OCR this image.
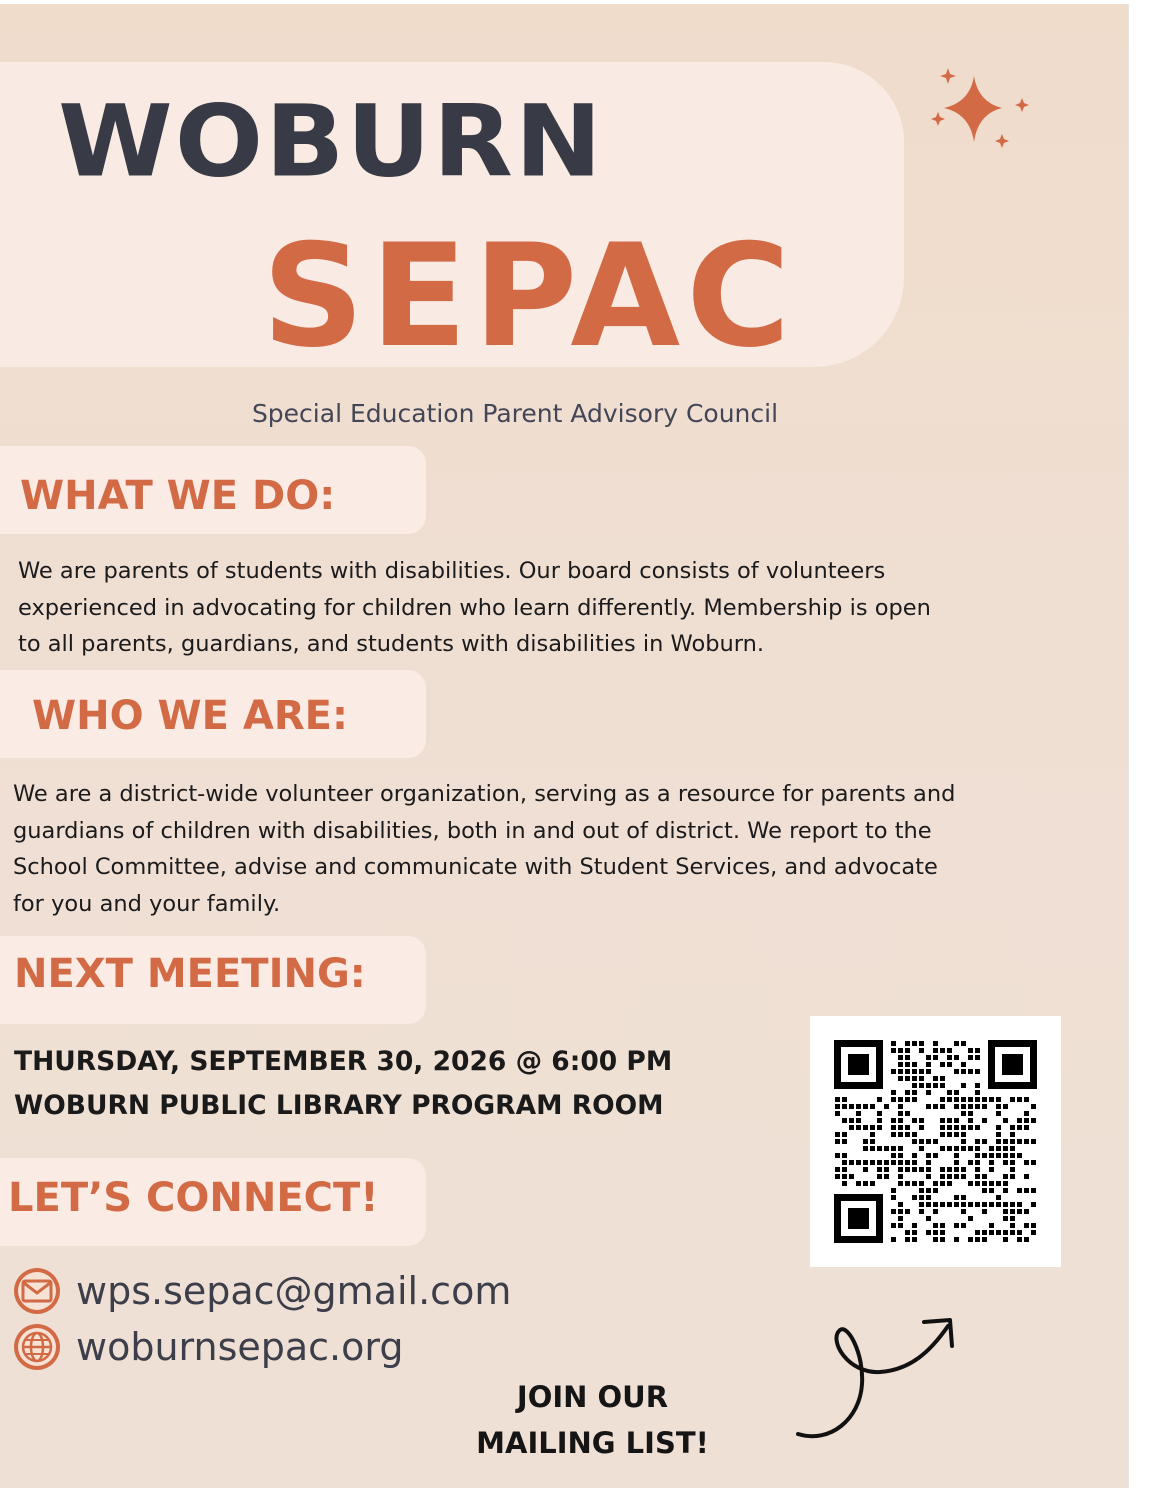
WOBURN
SEPAC
Special Education Parent Advisory Council
WHAT WE DO:
We are parents of students with disabilities. Our board consists of volunteers
experienced in advocating for children who learn differently. Membership is open
to all parents, guardians, and students with disabilities in Woburn.
WHO WE ARE:
We are a district-wide volunteer organization, serving as a resource for parents and
guardians of children with disabilities, both in and out of district. We report to the
School Committee, advise and communicate with Student Services, and advocate
for you and your family.
NEXT MEETING:
THURSDAY, SEPTEMBER 30, 2026 @ 6:00 PM
WOBURN PUBLIC LIBRARY PROGRAM ROOM
LET’S CONNECT!
wps.sepac@gmail.com
woburnsepac.org
JOIN OUR
MAILING LIST!
